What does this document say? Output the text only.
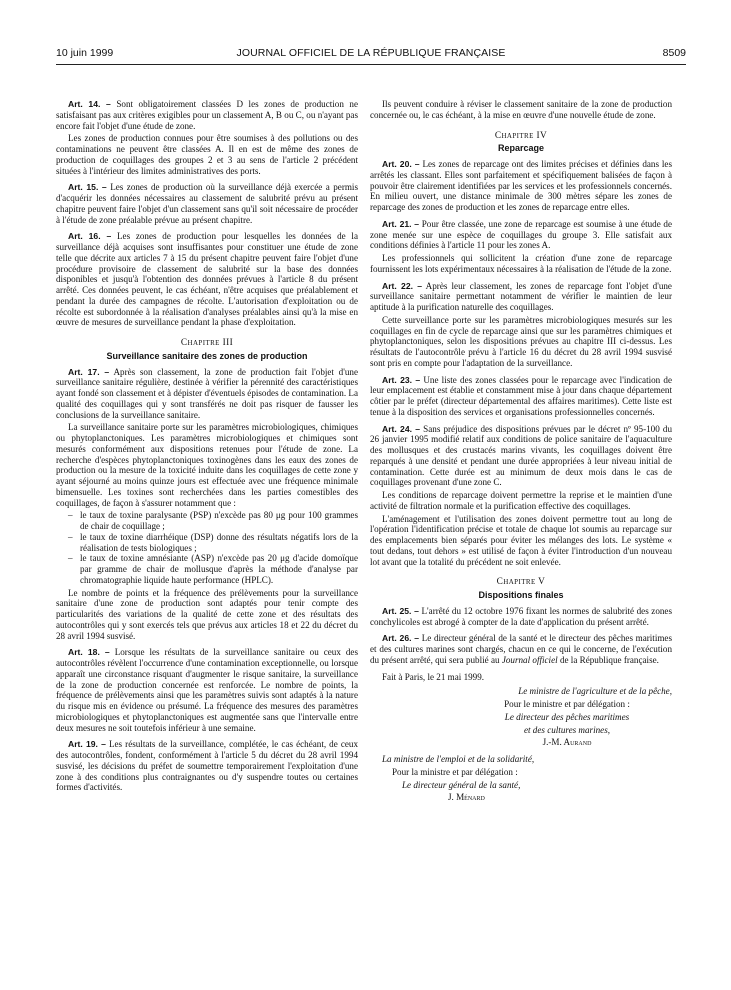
10 juin 1999	JOURNAL OFFICIEL DE LA RÉPUBLIQUE FRANÇAISE	8509

Art. 14. – Sont obligatoirement classées D les zones de production ne satisfaisant pas aux critères exigibles pour un classement A, B ou C, ou n'ayant pas encore fait l'objet d'une étude de zone.

Les zones de production connues pour être soumises à des pollutions ou des contaminations ne peuvent être classées A. Il en est de même des zones de production de coquillages des groupes 2 et 3 au sens de l'article 2 précédent situées à l'intérieur des limites administratives des ports.

Art. 15. – Les zones de production où la surveillance déjà exercée a permis d'acquérir les données nécessaires au classement de salubrité prévu au présent chapitre peuvent faire l'objet d'un classement sans qu'il soit nécessaire de procéder à l'étude de zone préalable prévue au présent chapitre.

Art. 16. – Les zones de production pour lesquelles les données de la surveillance déjà acquises sont insuffisantes pour constituer une étude de zone telle que décrite aux articles 7 à 15 du présent chapitre peuvent faire l'objet d'une procédure provisoire de classement de salubrité sur la base des données disponibles et jusqu'à l'obtention des données prévues à l'article 8 du présent arrêté. Ces données peuvent, le cas échéant, n'être acquises que préalablement et pendant la durée des campagnes de récolte. L'autorisation d'exploitation ou de récolte est subordonnée à la réalisation d'analyses préalables ainsi qu'à la mise en œuvre de mesures de surveillance pendant la phase d'exploitation.

Chapitre III
Surveillance sanitaire des zones de production

Art. 17. – Après son classement, la zone de production fait l'objet d'une surveillance sanitaire régulière, destinée à vérifier la pérennité des caractéristiques ayant fondé son classement et à dépister d'éventuels épisodes de contamination. La qualité des coquillages qui y sont transférés ne doit pas risquer de fausser les conclusions de la surveillance sanitaire.

La surveillance sanitaire porte sur les paramètres microbiologiques, chimiques ou phytoplanctoniques. Les paramètres microbiologiques et chimiques sont mesurés conformément aux dispositions retenues pour l'étude de zone. La recherche d'espèces phytoplanctoniques toxinogènes dans les eaux des zones de production ou la mesure de la toxicité induite dans les coquillages de cette zone y ayant séjourné au moins quinze jours est effectuée avec une fréquence minimale bimensuelle. Les toxines sont recherchées dans les parties comestibles des coquillages, de façon à s'assurer notamment que :

– le taux de toxine paralysante (PSP) n'excède pas 80 μg pour 100 grammes de chair de coquillage ;
– le taux de toxine diarrhéique (DSP) donne des résultats négatifs lors de la réalisation de tests biologiques ;
– le taux de toxine amnésiante (ASP) n'excède pas 20 μg d'acide domoïque par gramme de chair de mollusque d'après la méthode d'analyse par chromatographie liquide haute performance (HPLC).

Le nombre de points et la fréquence des prélèvements pour la surveillance sanitaire d'une zone de production sont adaptés pour tenir compte des particularités des variations de la qualité de cette zone et des résultats des autocontrôles qui y sont exercés tels que prévus aux articles 18 et 22 du décret du 28 avril 1994 susvisé.

Art. 18. – Lorsque les résultats de la surveillance sanitaire ou ceux des autocontrôles révèlent l'occurrence d'une contamination exceptionnelle, ou lorsque apparaît une circonstance risquant d'augmenter le risque sanitaire, la surveillance de la zone de production concernée est renforcée. Le nombre de points, la fréquence de prélèvements ainsi que les paramètres suivis sont adaptés à la nature du risque mis en évidence ou présumé. La fréquence des mesures des paramètres microbiologiques et phytoplanctoniques est augmentée sans que l'intervalle entre deux mesures ne soit toutefois inférieur à une semaine.

Art. 19. – Les résultats de la surveillance, complétée, le cas échéant, de ceux des autocontrôles, fondent, conformément à l'article 5 du décret du 28 avril 1994 susvisé, les décisions du préfet de soumettre temporairement l'exploitation d'une zone à des conditions plus contraignantes ou d'y suspendre toutes ou certaines formes d'activités.

Ils peuvent conduire à réviser le classement sanitaire de la zone de production concernée ou, le cas échéant, à la mise en œuvre d'une nouvelle étude de zone.

Chapitre IV
Reparcage

Art. 20. – Les zones de reparcage ont des limites précises et définies dans les arrêtés les classant. Elles sont parfaitement et spécifiquement balisées de façon à pouvoir être clairement identifiées par les services et les professionnels concernés. En milieu ouvert, une distance minimale de 300 mètres sépare les zones de reparcage des zones de production et les zones de reparcage entre elles.

Art. 21. – Pour être classée, une zone de reparcage est soumise à une étude de zone menée sur une espèce de coquillages du groupe 3. Elle satisfait aux conditions définies à l'article 11 pour les zones A.

Les professionnels qui sollicitent la création d'une zone de reparcage fournissent les lots expérimentaux nécessaires à la réalisation de l'étude de la zone.

Art. 22. – Après leur classement, les zones de reparcage font l'objet d'une surveillance sanitaire permettant notamment de vérifier le maintien de leur aptitude à la purification naturelle des coquillages.

Cette surveillance porte sur les paramètres microbiologiques mesurés sur les coquillages en fin de cycle de reparcage ainsi que sur les paramètres chimiques et phytoplanctoniques, selon les dispositions prévues au chapitre III ci-dessus. Les résultats de l'autocontrôle prévu à l'article 16 du décret du 28 avril 1994 susvisé sont pris en compte pour l'adaptation de la surveillance.

Art. 23. – Une liste des zones classées pour le reparcage avec l'indication de leur emplacement est établie et constamment mise à jour dans chaque département côtier par le préfet (directeur départemental des affaires maritimes). Cette liste est tenue à la disposition des services et organisations professionnelles concernés.

Art. 24. – Sans préjudice des dispositions prévues par le décret nº 95-100 du 26 janvier 1995 modifié relatif aux conditions de police sanitaire de l'aquaculture des mollusques et des crustacés marins vivants, les coquillages doivent être reparqués à une densité et pendant une durée appropriées à leur niveau initial de contamination. Cette durée est au minimum de deux mois dans le cas de coquillages provenant d'une zone C.

Les conditions de reparcage doivent permettre la reprise et le maintien d'une activité de filtration normale et la purification effective des coquillages.

L'aménagement et l'utilisation des zones doivent permettre tout au long de l'opération l'identification précise et totale de chaque lot soumis au reparcage sur des emplacements bien séparés pour éviter les mélanges des lots. Le système « tout dedans, tout dehors » est utilisé de façon à éviter l'introduction d'un nouveau lot avant que la totalité du précédent ne soit enlevée.

Chapitre V
Dispositions finales

Art. 25. – L'arrêté du 12 octobre 1976 fixant les normes de salubrité des zones conchylicoles est abrogé à compter de la date d'application du présent arrêté.

Art. 26. – Le directeur général de la santé et le directeur des pêches maritimes et des cultures marines sont chargés, chacun en ce qui le concerne, de l'exécution du présent arrêté, qui sera publié au Journal officiel de la République française.

Fait à Paris, le 21 mai 1999.

Le ministre de l'agriculture et de la pêche,

Pour le ministre et par délégation :

Le directeur des pêches maritimes

et des cultures marines,

J.-M. Aurand

La ministre de l'emploi et de la solidarité,

Pour la ministre et par délégation :

Le directeur général de la santé,

J. Ménard
